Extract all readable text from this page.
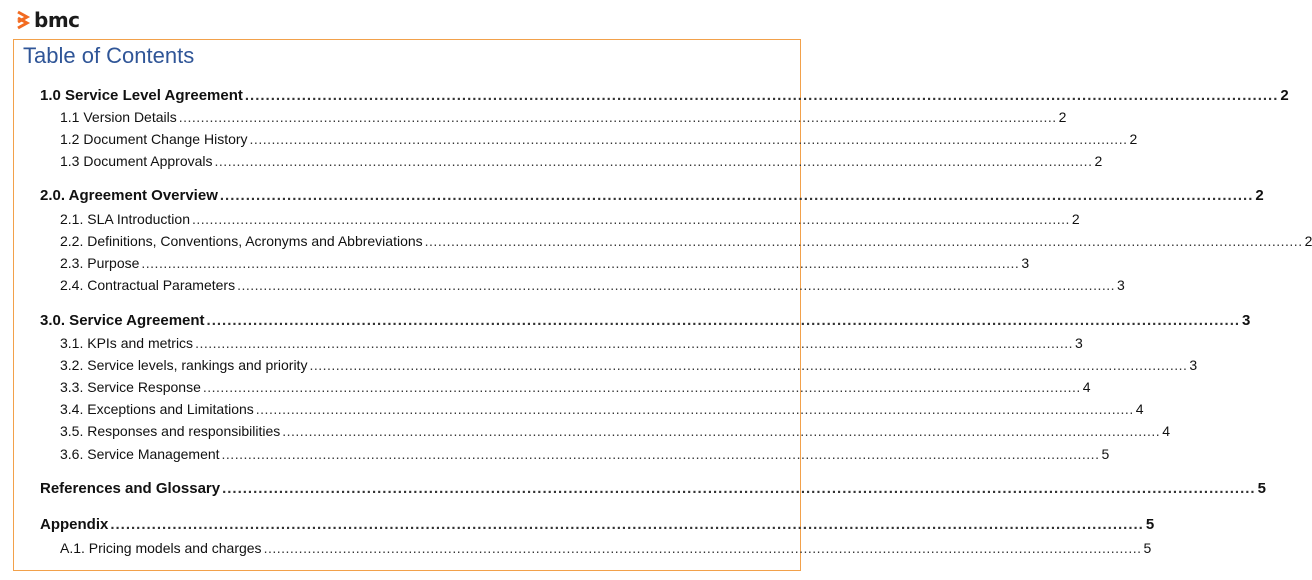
bmc
Table of Contents
1.0 Service Level Agreement ........................................................................................................................................................................................................ 2
1.1 Version Details ........................................................................................................................................................................................................ 2
1.2 Document Change History ........................................................................................................................................................................................................ 2
1.3 Document Approvals ........................................................................................................................................................................................................ 2
2.0. Agreement Overview ........................................................................................................................................................................................................ 2
2.1. SLA Introduction ........................................................................................................................................................................................................ 2
2.2. Definitions, Conventions, Acronyms and Abbreviations ........................................................................................................................................................................................................ 2
2.3. Purpose ........................................................................................................................................................................................................ 3
2.4. Contractual Parameters ........................................................................................................................................................................................................ 3
3.0. Service Agreement ........................................................................................................................................................................................................ 3
3.1. KPIs and metrics ........................................................................................................................................................................................................ 3
3.2. Service levels, rankings and priority ........................................................................................................................................................................................................ 3
3.3. Service Response ........................................................................................................................................................................................................ 4
3.4. Exceptions and Limitations ........................................................................................................................................................................................................ 4
3.5. Responses and responsibilities ........................................................................................................................................................................................................ 4
3.6. Service Management ........................................................................................................................................................................................................ 5
References and Glossary ........................................................................................................................................................................................................ 5
Appendix ........................................................................................................................................................................................................ 5
A.1. Pricing models and charges ........................................................................................................................................................................................................ 5
